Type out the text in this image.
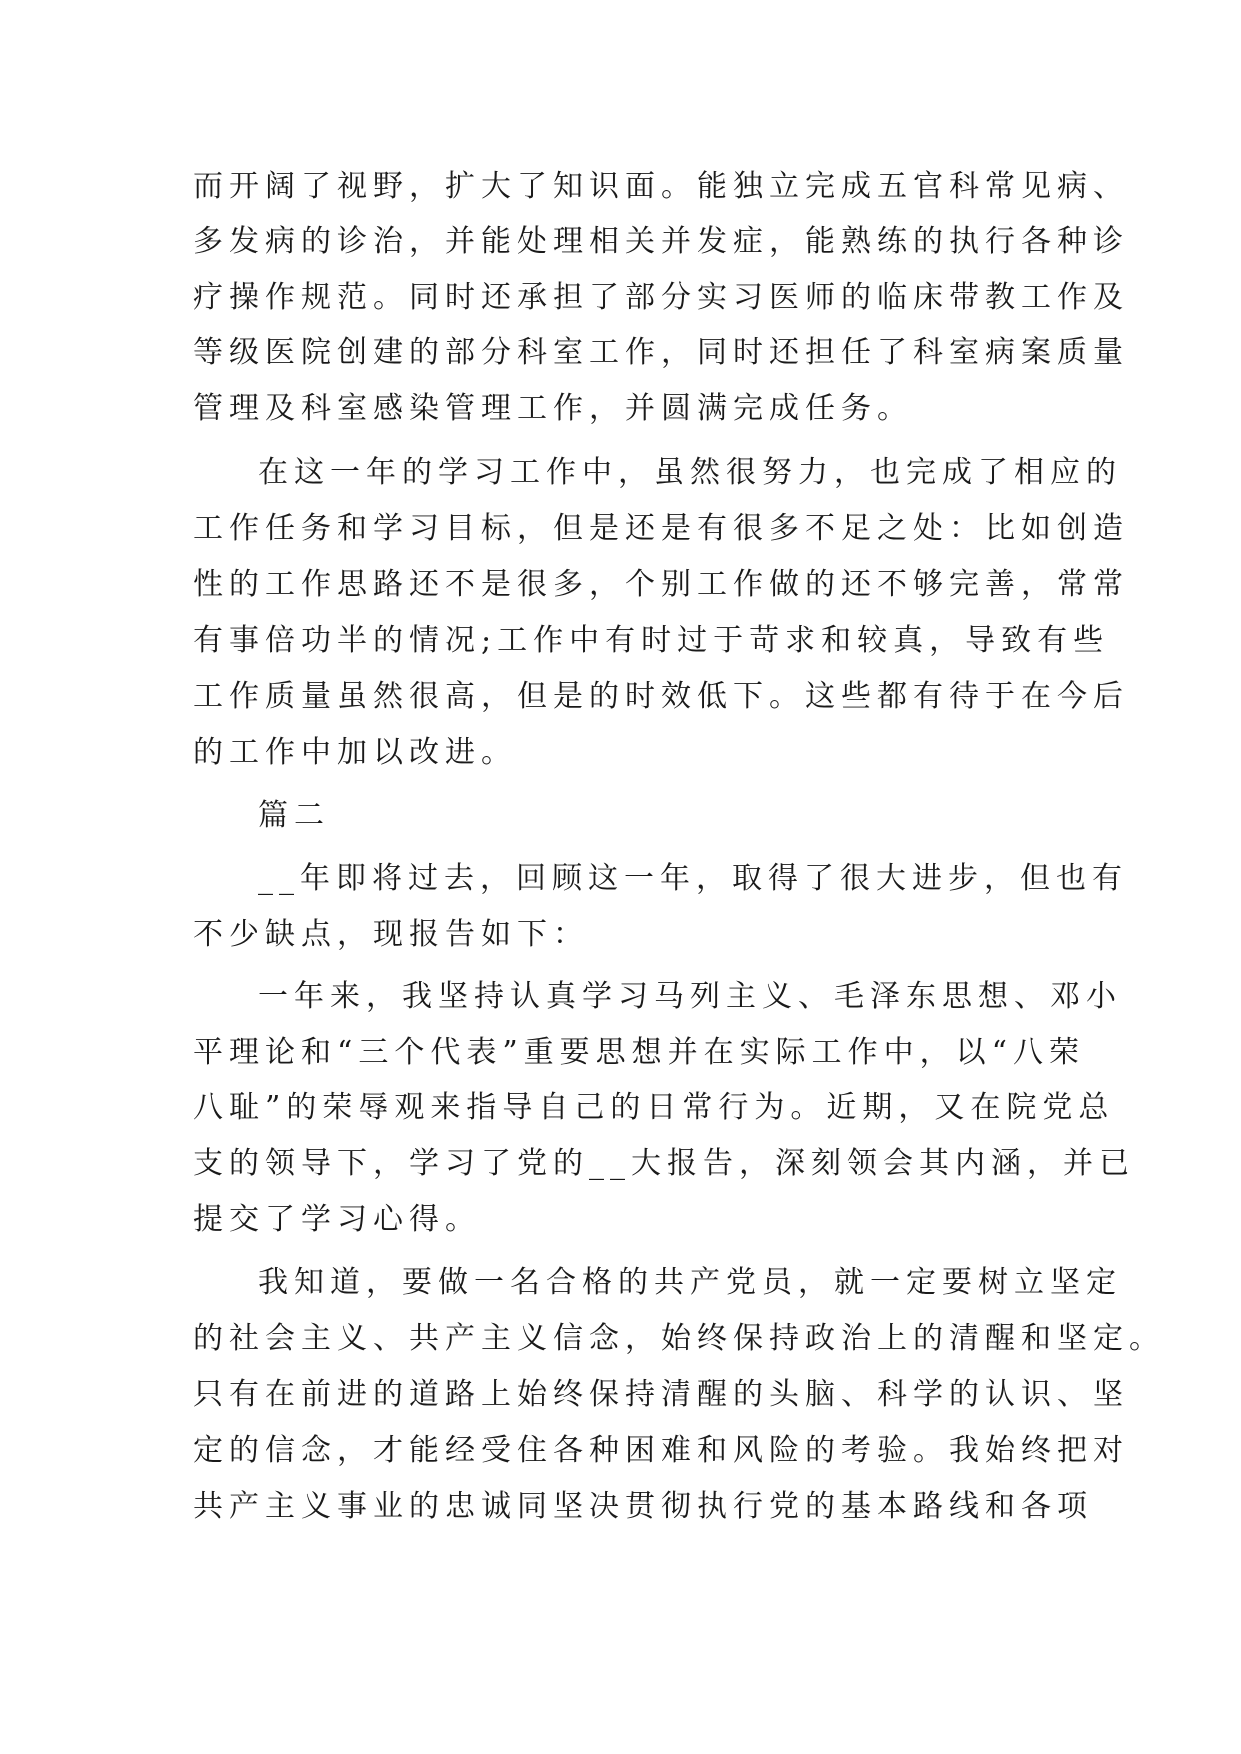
而开阔了视野，扩大了知识面。能独立完成五官科常见病、
多发病的诊治，并能处理相关并发症，能熟练的执行各种诊
疗操作规范。同时还承担了部分实习医师的临床带教工作及
等级医院创建的部分科室工作，同时还担任了科室病案质量
管理及科室感染管理工作，并圆满完成任务。
在这一年的学习工作中，虽然很努力，也完成了相应的
工作任务和学习目标，但是还是有很多不足之处：比如创造
性的工作思路还不是很多，个别工作做的还不够完善，常常
有事倍功半的情况;工作中有时过于苛求和较真，导致有些
工作质量虽然很高，但是的时效低下。这些都有待于在今后
的工作中加以改进。
篇二
__年即将过去，回顾这一年，取得了很大进步，但也有
不少缺点，现报告如下：
一年来，我坚持认真学习马列主义、毛泽东思想、邓小
平理论和“三个代表”重要思想并在实际工作中，以“八荣
八耻”的荣辱观来指导自己的日常行为。近期，又在院党总
支的领导下，学习了党的__大报告，深刻领会其内涵，并已
提交了学习心得。
我知道，要做一名合格的共产党员，就一定要树立坚定
的社会主义、共产主义信念，始终保持政治上的清醒和坚定。
只有在前进的道路上始终保持清醒的头脑、科学的认识、坚
定的信念，才能经受住各种困难和风险的考验。我始终把对
共产主义事业的忠诚同坚决贯彻执行党的基本路线和各项
